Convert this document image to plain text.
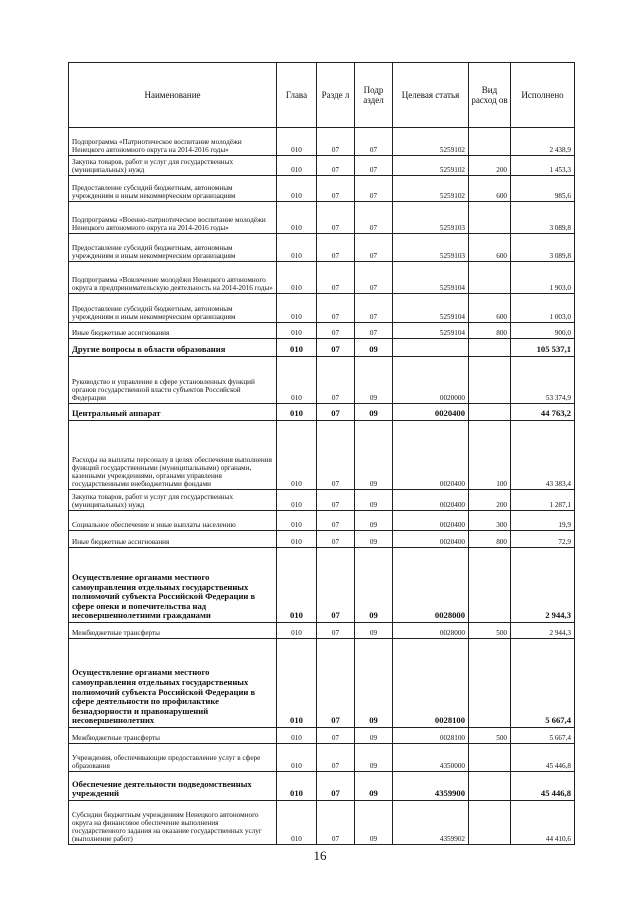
Наименование	Глава	Разде л	Подр аздел	Целевая статья	Вид расход ов	Исполнено
Подпрограмма «Патриотическое воспитание молодёжи Ненецкого автономного округа на 2014-2016 годы»	010	07	07	5259102		2 438,9
Закупка товаров, работ и услуг для государственных (муниципальных) нужд	010	07	07	5259102	200	1 453,3
Предоставление субсидий бюджетным, автономным учреждениям и иным некоммерческим организациям	010	07	07	5259102	600	985,6
Подпрограмма «Военно-патриотическое воспитание молодёжи Ненецкого автономного округа на 2014-2016 годы»	010	07	07	5259103		3 089,8
Предоставление субсидий бюджетным, автономным учреждениям и иным некоммерческим организациям	010	07	07	5259103	600	3 089,8
Подпрограмма «Вовлечение молодёжи Ненецкого автономного округа в предпринимательскую деятельность на 2014-2016 годы»	010	07	07	5259104		1 903,0
Предоставление субсидий бюджетным, автономным учреждениям и иным некоммерческим организациям	010	07	07	5259104	600	1 003,0
Иные бюджетные ассигнования	010	07	07	5259104	800	900,0
Другие вопросы в области образования	010	07	09			105 537,1
Руководство и управление в сфере установленных функций органов государственной власти субъектов Российской Федерации	010	07	09	0020000		53 374,9
Центральный аппарат	010	07	09	0020400		44 763,2
Расходы на выплаты персоналу в целях обеспечения выполнения функций государственными (муниципальными) органами, казенными учреждениями, органами управления государственными внебюджетными фондами	010	07	09	0020400	100	43 383,4
Закупка товаров, работ и услуг для государственных (муниципальных) нужд	010	07	09	0020400	200	1 287,1
Социальное обеспечение и иные выплаты населению	010	07	09	0020400	300	19,9
Иные бюджетные ассигнования	010	07	09	0020400	800	72,9
Осуществление органами местного самоуправления отдельных государственных полномочий субъекта Российской Федерации в сфере опеки и попечительства над несовершеннолетними гражданами	010	07	09	0028000		2 944,3
Межбюджетные трансферты	010	07	09	0028000	500	2 944,3
Осуществление органами местного самоуправления отдельных государственных полномочий субъекта Российской Федерации в сфере деятельности по профилактике безнадзорности и правонарушений несовершеннолетних	010	07	09	0028100		5 667,4
Межбюджетные трансферты	010	07	09	0028100	500	5 667,4
Учреждения, обеспечивающие предоставление услуг в сфере образования	010	07	09	4350000		45 446,8
Обеспечение деятельности подведомственных учреждений	010	07	09	4359900		45 446,8
Субсидии бюджетным учреждениям Ненецкого автономного округа на финансовое обеспечение выполнения государственного задания на оказание государственных услуг (выполнение работ)	010	07	09	4359902		44 410,6
16
